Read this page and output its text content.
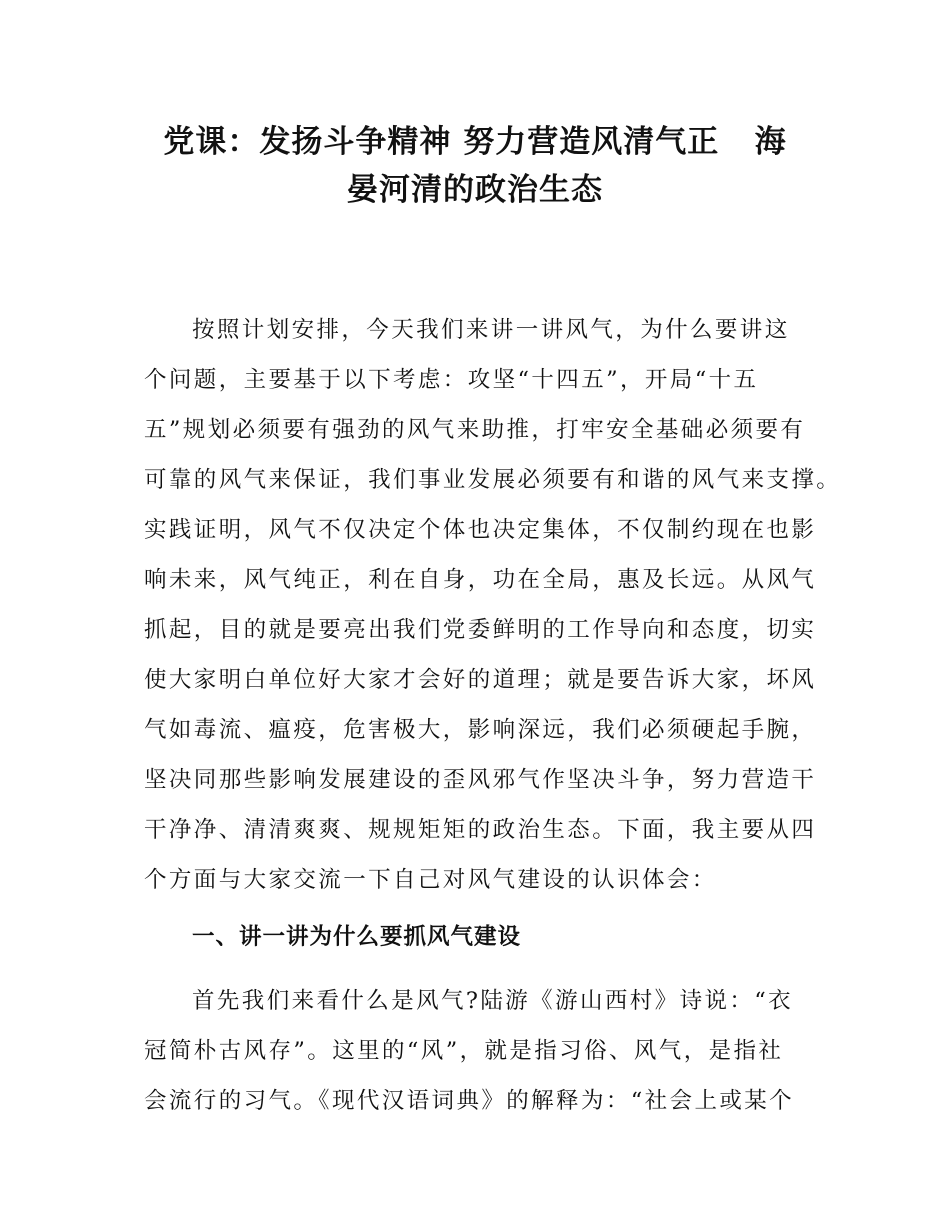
党课：发扬斗争精神 努力营造风清气正   海
晏河清的政治生态
按照计划安排，今天我们来讲一讲风气，为什么要讲这
个问题，主要基于以下考虑：攻坚“十四五”，开局“十五
五”规划必须要有强劲的风气来助推，打牢安全基础必须要有
可靠的风气来保证，我们事业发展必须要有和谐的风气来支撑。
实践证明，风气不仅决定个体也决定集体，不仅制约现在也影
响未来，风气纯正，利在自身，功在全局，惠及长远。从风气
抓起，目的就是要亮出我们党委鲜明的工作导向和态度，切实
使大家明白单位好大家才会好的道理；就是要告诉大家，坏风
气如毒流、瘟疫，危害极大，影响深远，我们必须硬起手腕，
坚决同那些影响发展建设的歪风邪气作坚决斗争，努力营造干
干净净、清清爽爽、规规矩矩的政治生态。下面，我主要从四
个方面与大家交流一下自己对风气建设的认识体会：
一、讲一讲为什么要抓风气建设
首先我们来看什么是风气?陆游《游山西村》诗说：“衣
冠简朴古风存”。这里的“风”，就是指习俗、风气，是指社
会流行的习气。《现代汉语词典》的解释为：“社会上或某个
